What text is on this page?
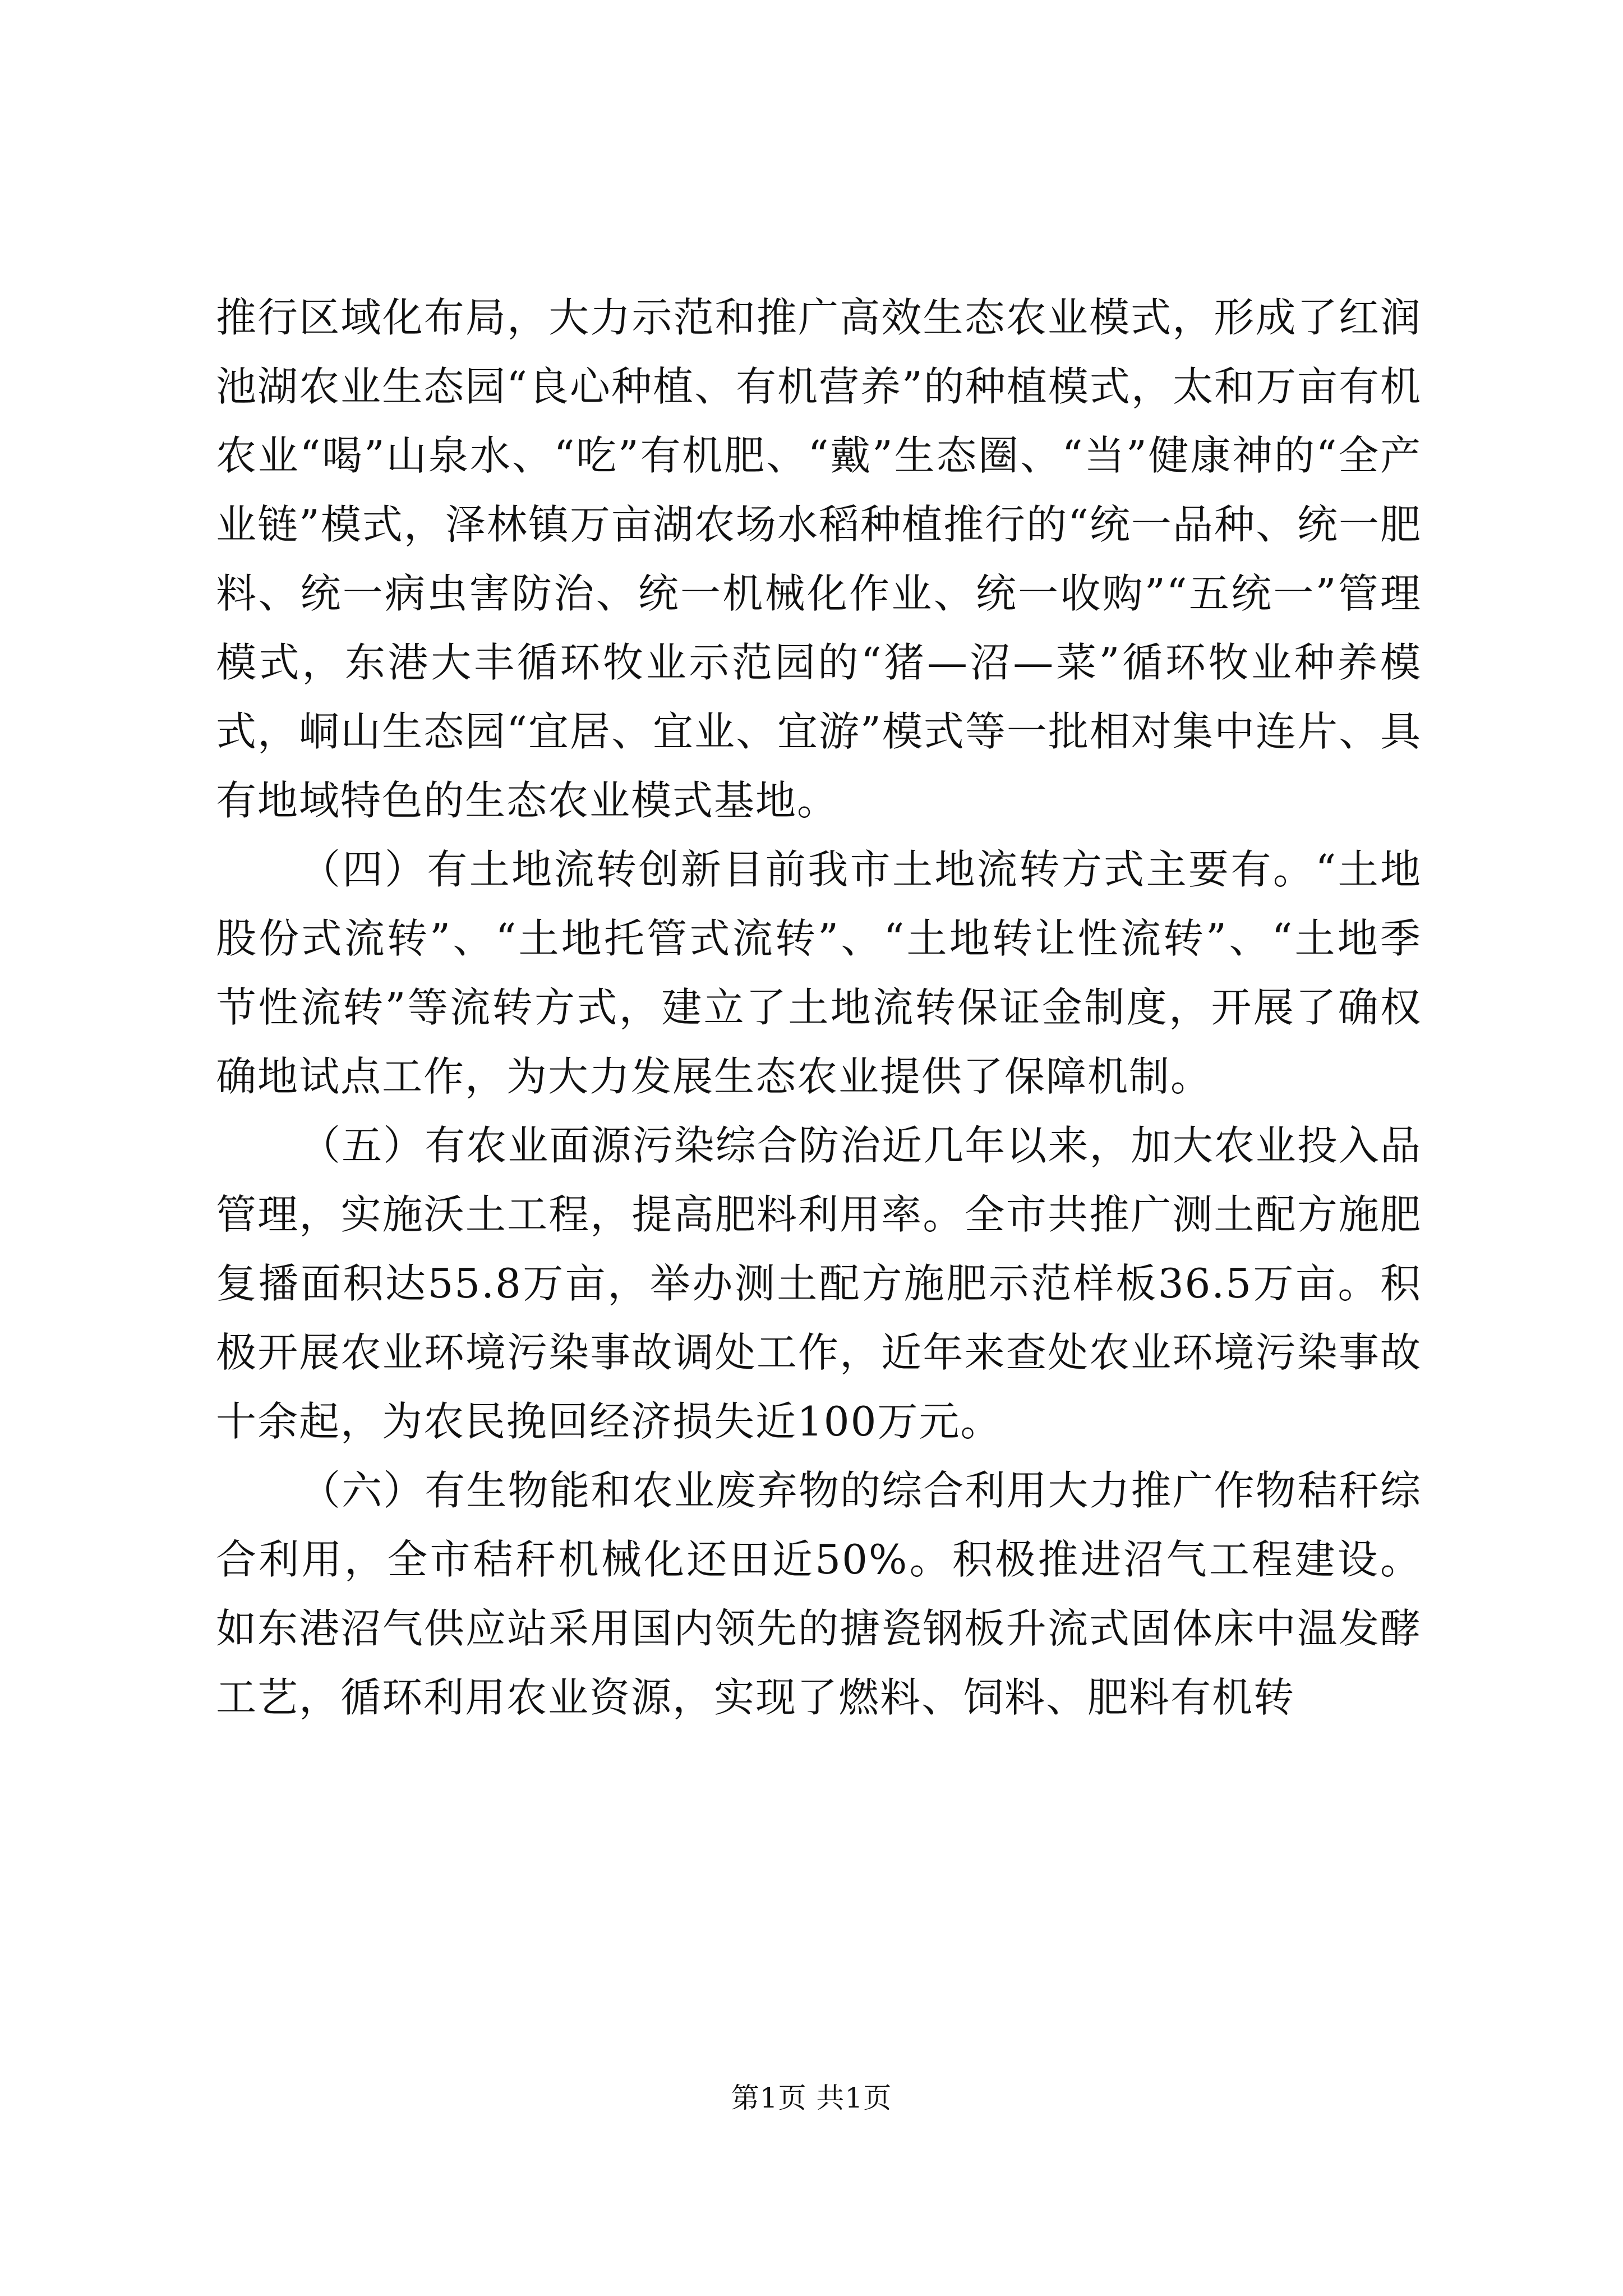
推行区域化布局，大力示范和推广高效生态农业模式，形成了红润池湖农业生态园“良心种植、有机营养”的种植模式，太和万亩有机农业“喝”山泉水、“吃”有机肥、“戴”生态圈、“当”健康神的“全产业链”模式，泽林镇万亩湖农场水稻种植推行的“统一品种、统一肥料、统一病虫害防治、统一机械化作业、统一收购”“五统一”管理模式，东港大丰循环牧业示范园的“猪—沼—菜”循环牧业种养模式，峒山生态园“宜居、宜业、宜游”模式等一批相对集中连片、具有地域特色的生态农业模式基地。

（四）有土地流转创新目前我市土地流转方式主要有。“土地股份式流转”、“土地托管式流转”、“土地转让性流转”、“土地季节性流转”等流转方式，建立了土地流转保证金制度，开展了确权确地试点工作，为大力发展生态农业提供了保障机制。

（五）有农业面源污染综合防治近几年以来，加大农业投入品管理，实施沃土工程，提高肥料利用率。全市共推广测土配方施肥复播面积达55.8万亩，举办测土配方施肥示范样板36.5万亩。积极开展农业环境污染事故调处工作，近年来查处农业环境污染事故十余起，为农民挽回经济损失近100万元。

（六）有生物能和农业废弃物的综合利用大力推广作物秸秆综合利用，全市秸秆机械化还田近50%。积极推进沼气工程建设。如东港沼气供应站采用国内领先的搪瓷钢板升流式固体床中温发酵工艺，循环利用农业资源，实现了燃料、饲料、肥料有机转

第1页 共1页
